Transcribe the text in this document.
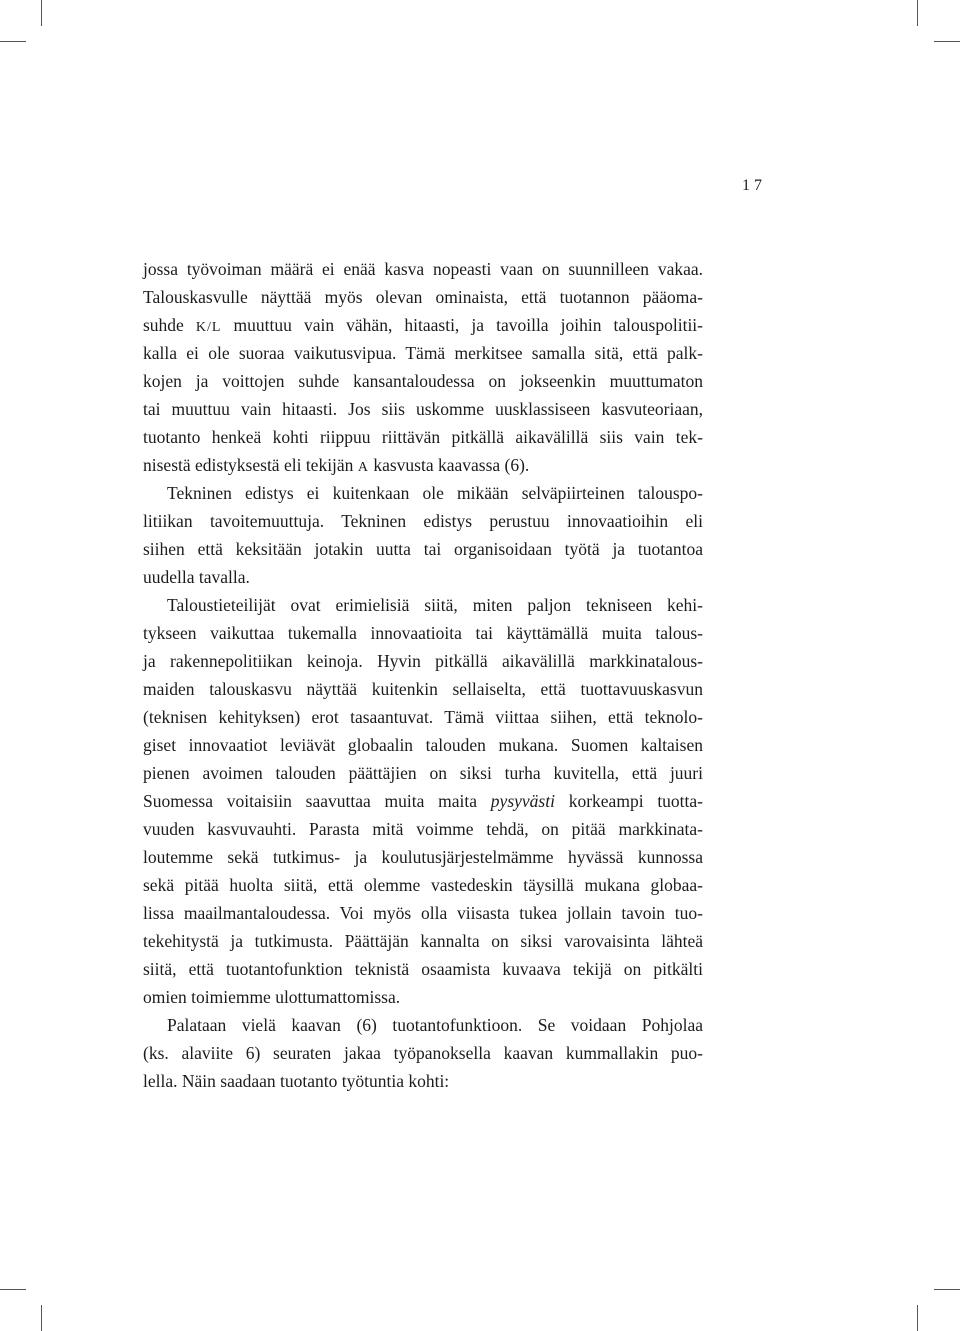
17
jossa työvoiman määrä ei enää kasva nopeasti vaan on suunnilleen vakaa.
Talouskasvulle näyttää myös olevan ominaista, että tuotannon pääoma-
suhde K/L muuttuu vain vähän, hitaasti, ja tavoilla joihin talouspolitii-
kalla ei ole suoraa vaikutusvipua. Tämä merkitsee samalla sitä, että palk-
kojen ja voittojen suhde kansantaloudessa on jokseenkin muuttumaton
tai muuttuu vain hitaasti. Jos siis uskomme uusklassiseen kasvuteoriaan,
tuotanto henkeä kohti riippuu riittävän pitkällä aikavälillä siis vain tek-
nisestä edistyksestä eli tekijän A kasvusta kaavassa (6).
Tekninen edistys ei kuitenkaan ole mikään selväpiirteinen talouspo-
litiikan tavoitemuuttuja. Tekninen edistys perustuu innovaatioihin eli
siihen että keksitään jotakin uutta tai organisoidaan työtä ja tuotantoa
uudella tavalla.
Taloustieteilijät ovat erimielisiä siitä, miten paljon tekniseen kehi-
tykseen vaikuttaa tukemalla innovaatioita tai käyttämällä muita talous-
ja rakennepolitiikan keinoja. Hyvin pitkällä aikavälillä markkinatalous-
maiden talouskasvu näyttää kuitenkin sellaiselta, että tuottavuuskasvun
(teknisen kehityksen) erot tasaantuvat. Tämä viittaa siihen, että teknolo-
giset innovaatiot leviävät globaalin talouden mukana. Suomen kaltaisen
pienen avoimen talouden päättäjien on siksi turha kuvitella, että juuri
Suomessa voitaisiin saavuttaa muita maita pysyvästi korkeampi tuotta-
vuuden kasvuvauhti. Parasta mitä voimme tehdä, on pitää markkinata-
loutemme sekä tutkimus- ja koulutusjärjestelmämme hyvässä kunnossa
sekä pitää huolta siitä, että olemme vastedeskin täysillä mukana globaa-
lissa maailmantaloudessa. Voi myös olla viisasta tukea jollain tavoin tuo-
tekehitystä ja tutkimusta. Päättäjän kannalta on siksi varovaisinta lähteä
siitä, että tuotantofunktion teknistä osaamista kuvaava tekijä on pitkälti
omien toimiemme ulottumattomissa.
Palataan vielä kaavan (6) tuotantofunktioon. Se voidaan Pohjolaa
(ks. alaviite 6) seuraten jakaa työpanoksella kaavan kummallakin puo-
lella. Näin saadaan tuotanto työtuntia kohti:
